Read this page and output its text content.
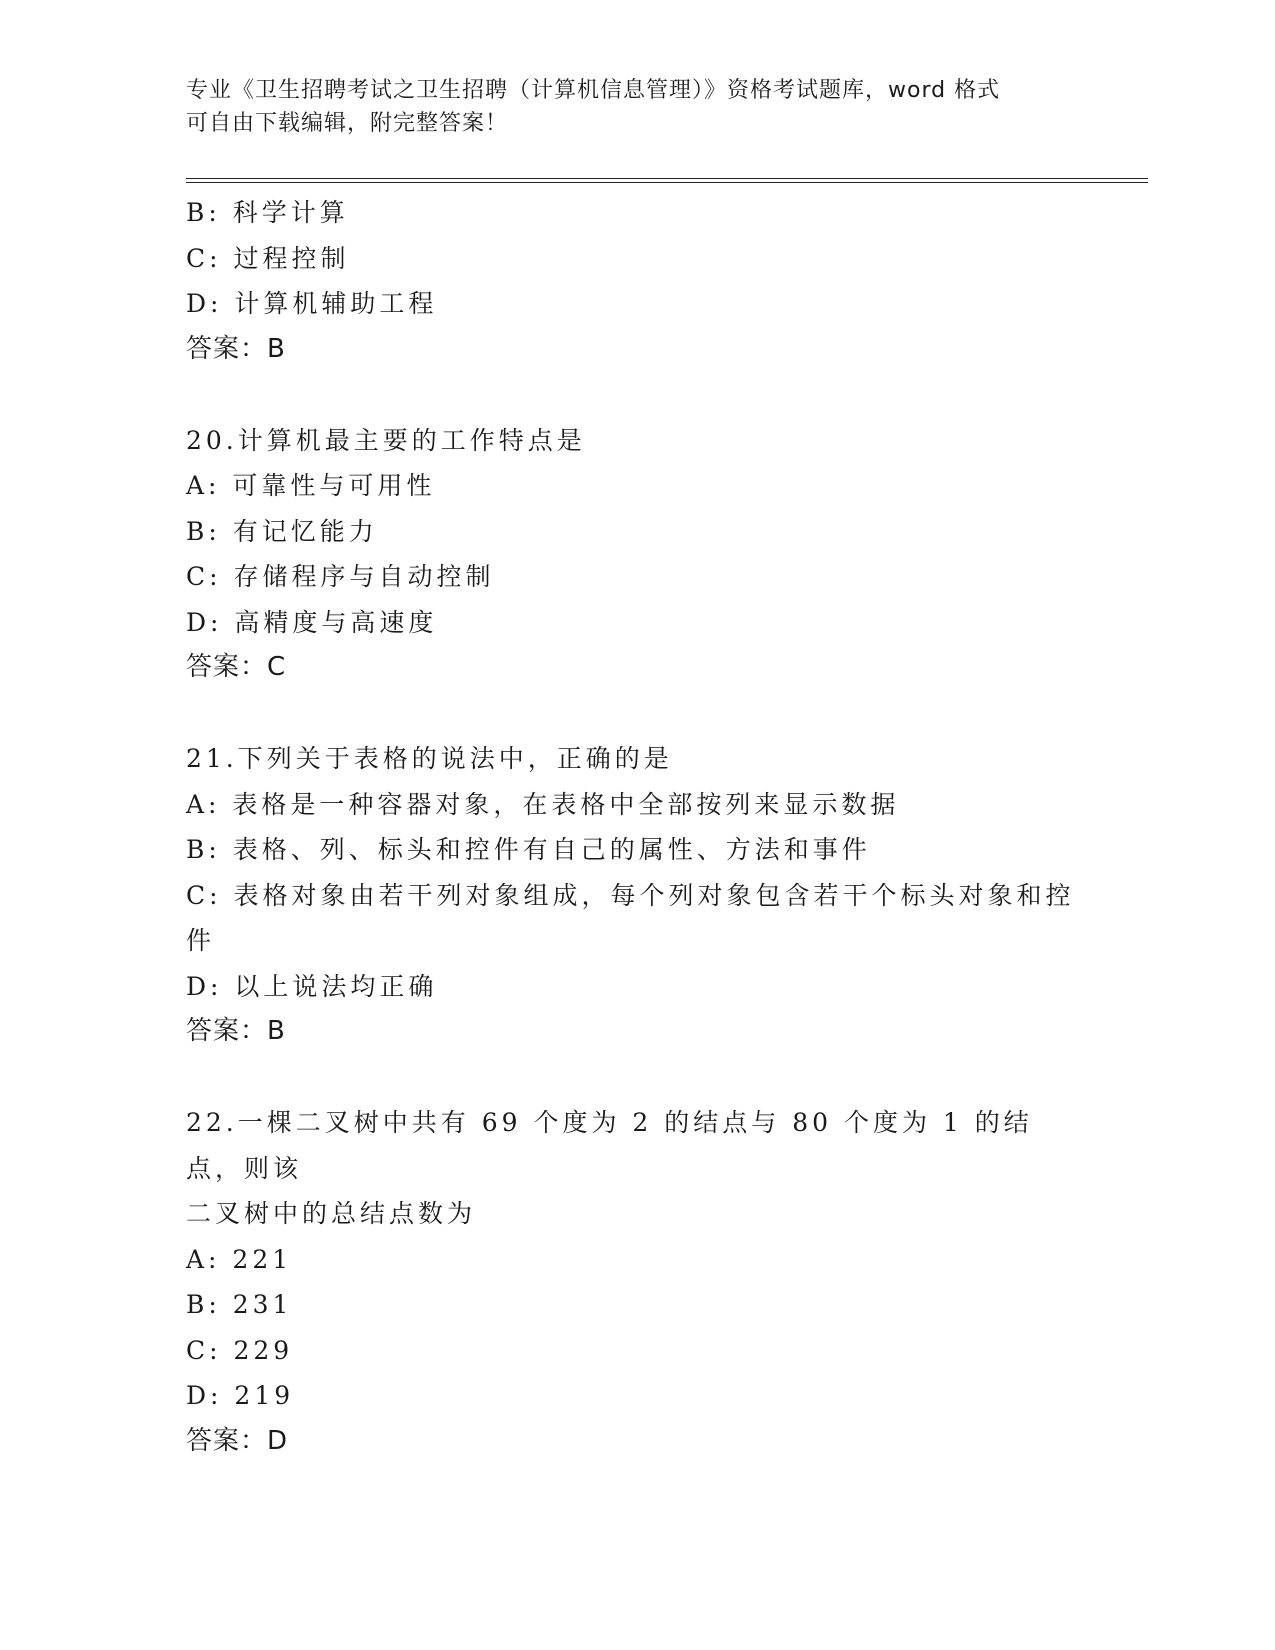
专业《卫生招聘考试之卫生招聘（计算机信息管理）》资格考试题库，word 格式
可自由下载编辑，附完整答案！
B: 科学计算
C: 过程控制
D: 计算机辅助工程
答案：B
20.计算机最主要的工作特点是
A: 可靠性与可用性
B: 有记忆能力
C: 存储程序与自动控制
D: 高精度与高速度
答案：C
21.下列关于表格的说法中，正确的是
A: 表格是一种容器对象，在表格中全部按列来显示数据
B: 表格、列、标头和控件有自己的属性、方法和事件
C: 表格对象由若干列对象组成，每个列对象包含若干个标头对象和控
件
D: 以上说法均正确
答案：B
22.一棵二叉树中共有 69 个度为 2 的结点与 80 个度为 1 的结点，则该
二叉树中的总结点数为
A: 221
B: 231
C: 229
D: 219
答案：D
